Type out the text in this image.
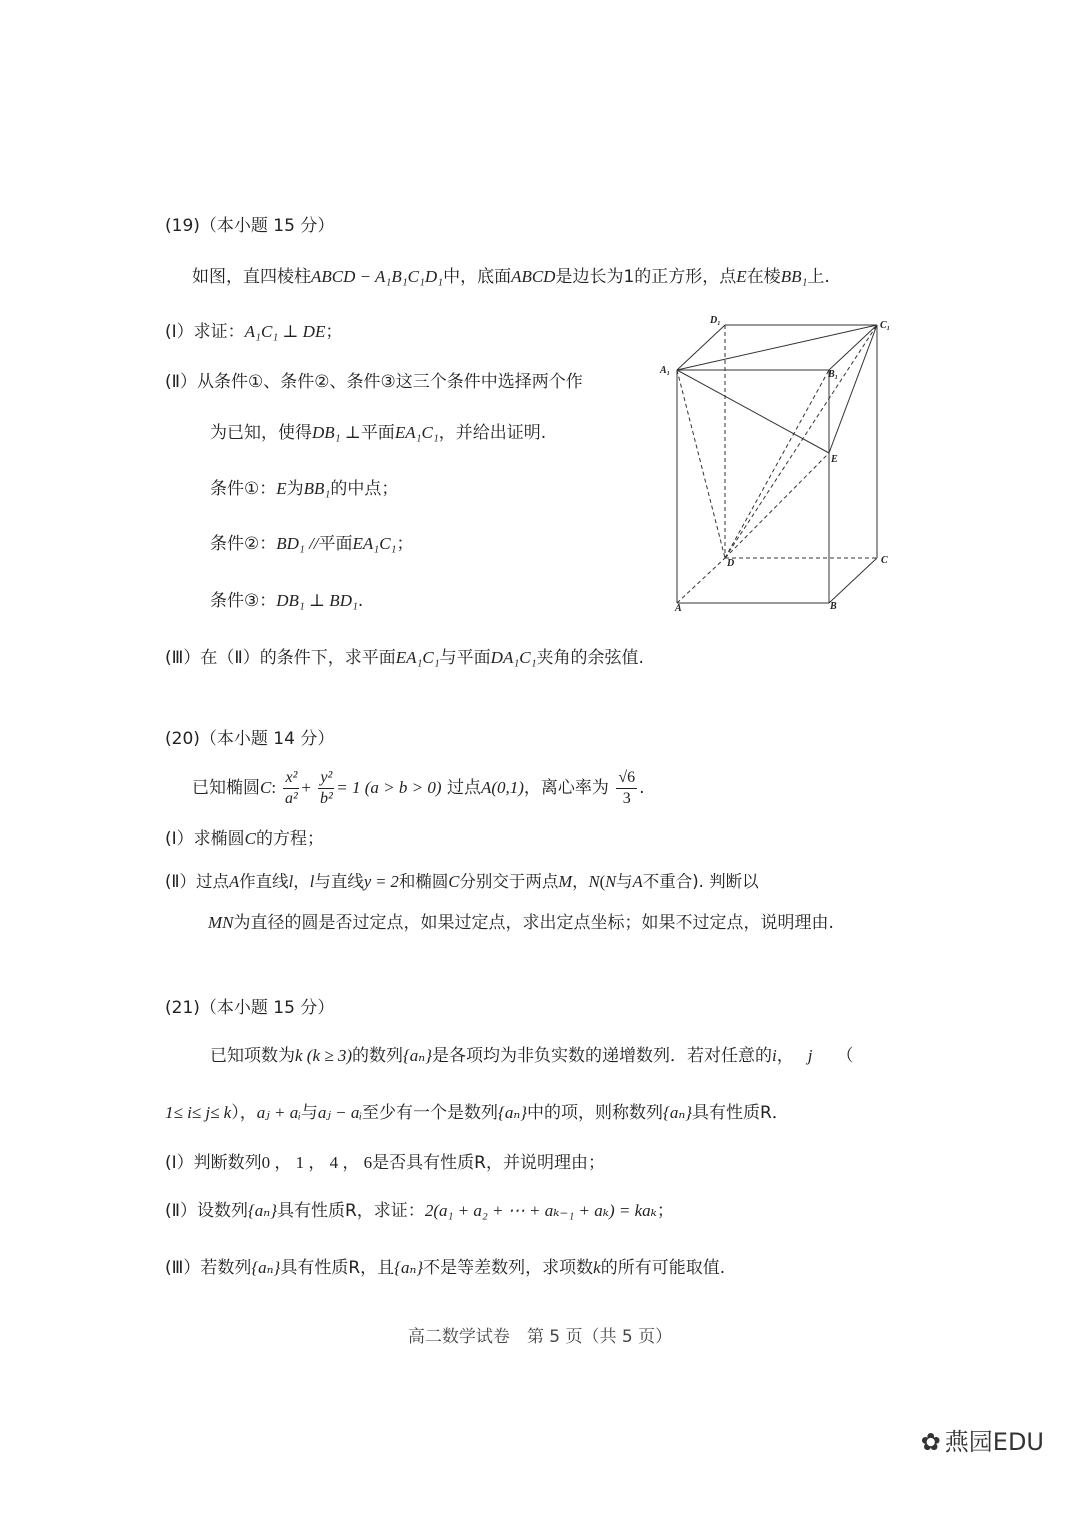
(19)（本小题 15 分）
如图，直四棱柱ABCD − A₁B₁C₁D₁中，底面ABCD是边长为1的正方形，点E在棱BB₁上.
(Ⅰ）求证：A₁C₁ ⊥ DE；
(Ⅱ）从条件①、条件②、条件③这三个条件中选择两个作
为已知，使得DB₁ ⊥平面EA₁C₁，并给出证明.
条件①：E为BB₁的中点；
条件②：BD₁ //平面EA₁C₁；
条件③：DB₁ ⊥ BD₁.
(Ⅲ）在（Ⅱ）的条件下，求平面EA₁C₁与平面DA₁C₁夹角的余弦值.
D₁	C₁
A₁	B₁
E
D	C
A	B
(20)（本小题 14 分）
已知椭圆C: $\frac{\text{x²}}{\text{a²}} + \frac{\text{y²}}{\text{b²}} = 1$ (a > b > 0) 过点A(0,1)，离心率为 $\frac{√6}{3}$ .
(Ⅰ）求椭圆C的方程；
(Ⅱ）过点A作直线l，l与直线y = 2和椭圆C分别交于两点M，N(N与A不重合). 判断以
MN为直径的圆是否过定点，如果过定点，求出定点坐标；如果不过定点，说明理由.
(21)（本小题 15 分）
已知项数为k (k ≥ 3)的数列{aₙ}是各项均为非负实数的递增数列．若对任意的i， j （
1≤ i≤ j≤ k），aⱼ + aᵢ与aⱼ − aᵢ至少有一个是数列{aₙ}中的项，则称数列{aₙ}具有性质R．
(Ⅰ）判断数列0 ， 1 ， 4 ， 6是否具有性质R，并说明理由；
(Ⅱ）设数列{aₙ}具有性质R，求证：2(a₁ + a₂ + ⋯ + aₖ₋₁ + aₖ) = kaₖ；
(Ⅲ）若数列{aₙ}具有性质R，且{aₙ}不是等差数列，求项数k的所有可能取值.
高二数学试卷　第 5 页（共 5 页）
✿ 燕园EDU
